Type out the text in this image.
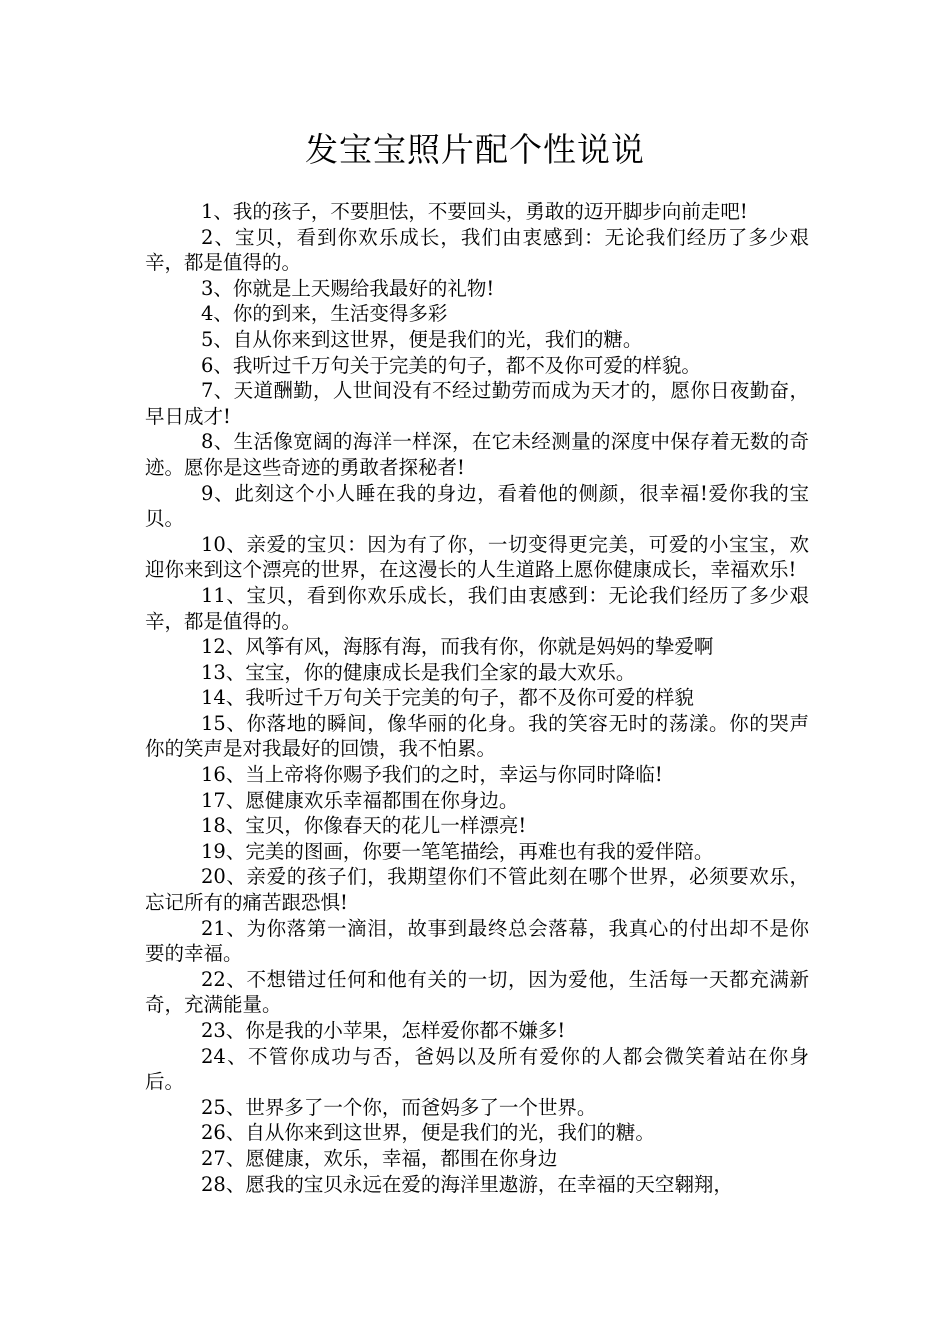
发宝宝照片配个性说说

1、我的孩子，不要胆怯，不要回头，勇敢的迈开脚步向前走吧!

2、宝贝，看到你欢乐成长，我们由衷感到：无论我们经历了多少艰辛，都是值得的。

3、你就是上天赐给我最好的礼物!

4、你的到来，生活变得多彩

5、自从你来到这世界，便是我们的光，我们的糖。

6、我听过千万句关于完美的句子，都不及你可爱的样貌。

7、天道酬勤，人世间没有不经过勤劳而成为天才的，愿你日夜勤奋，早日成才!

8、生活像宽阔的海洋一样深，在它未经测量的深度中保存着无数的奇迹。愿你是这些奇迹的勇敢者探秘者!

9、此刻这个小人睡在我的身边，看着他的侧颜，很幸福!爱你我的宝贝。

10、亲爱的宝贝：因为有了你，一切变得更完美，可爱的小宝宝，欢迎你来到这个漂亮的世界，在这漫长的人生道路上愿你健康成长，幸福欢乐!

11、宝贝，看到你欢乐成长，我们由衷感到：无论我们经历了多少艰辛，都是值得的。

12、风筝有风，海豚有海，而我有你，你就是妈妈的挚爱啊

13、宝宝，你的健康成长是我们全家的最大欢乐。

14、我听过千万句关于完美的句子，都不及你可爱的样貌

15、你落地的瞬间，像华丽的化身。我的笑容无时的荡漾。你的哭声你的笑声是对我最好的回馈，我不怕累。

16、当上帝将你赐予我们的之时，幸运与你同时降临!

17、愿健康欢乐幸福都围在你身边。

18、宝贝，你像春天的花儿一样漂亮!

19、完美的图画，你要一笔笔描绘，再难也有我的爱伴陪。

20、亲爱的孩子们，我期望你们不管此刻在哪个世界，必须要欢乐，忘记所有的痛苦跟恐惧!

21、为你落第一滴泪，故事到最终总会落幕，我真心的付出却不是你要的幸福。

22、不想错过任何和他有关的一切，因为爱他，生活每一天都充满新奇，充满能量。

23、你是我的小苹果，怎样爱你都不嫌多!

24、不管你成功与否，爸妈以及所有爱你的人都会微笑着站在你身后。

25、世界多了一个你，而爸妈多了一个世界。

26、自从你来到这世界，便是我们的光，我们的糖。

27、愿健康，欢乐，幸福，都围在你身边

28、愿我的宝贝永远在爱的海洋里遨游，在幸福的天空翱翔，
